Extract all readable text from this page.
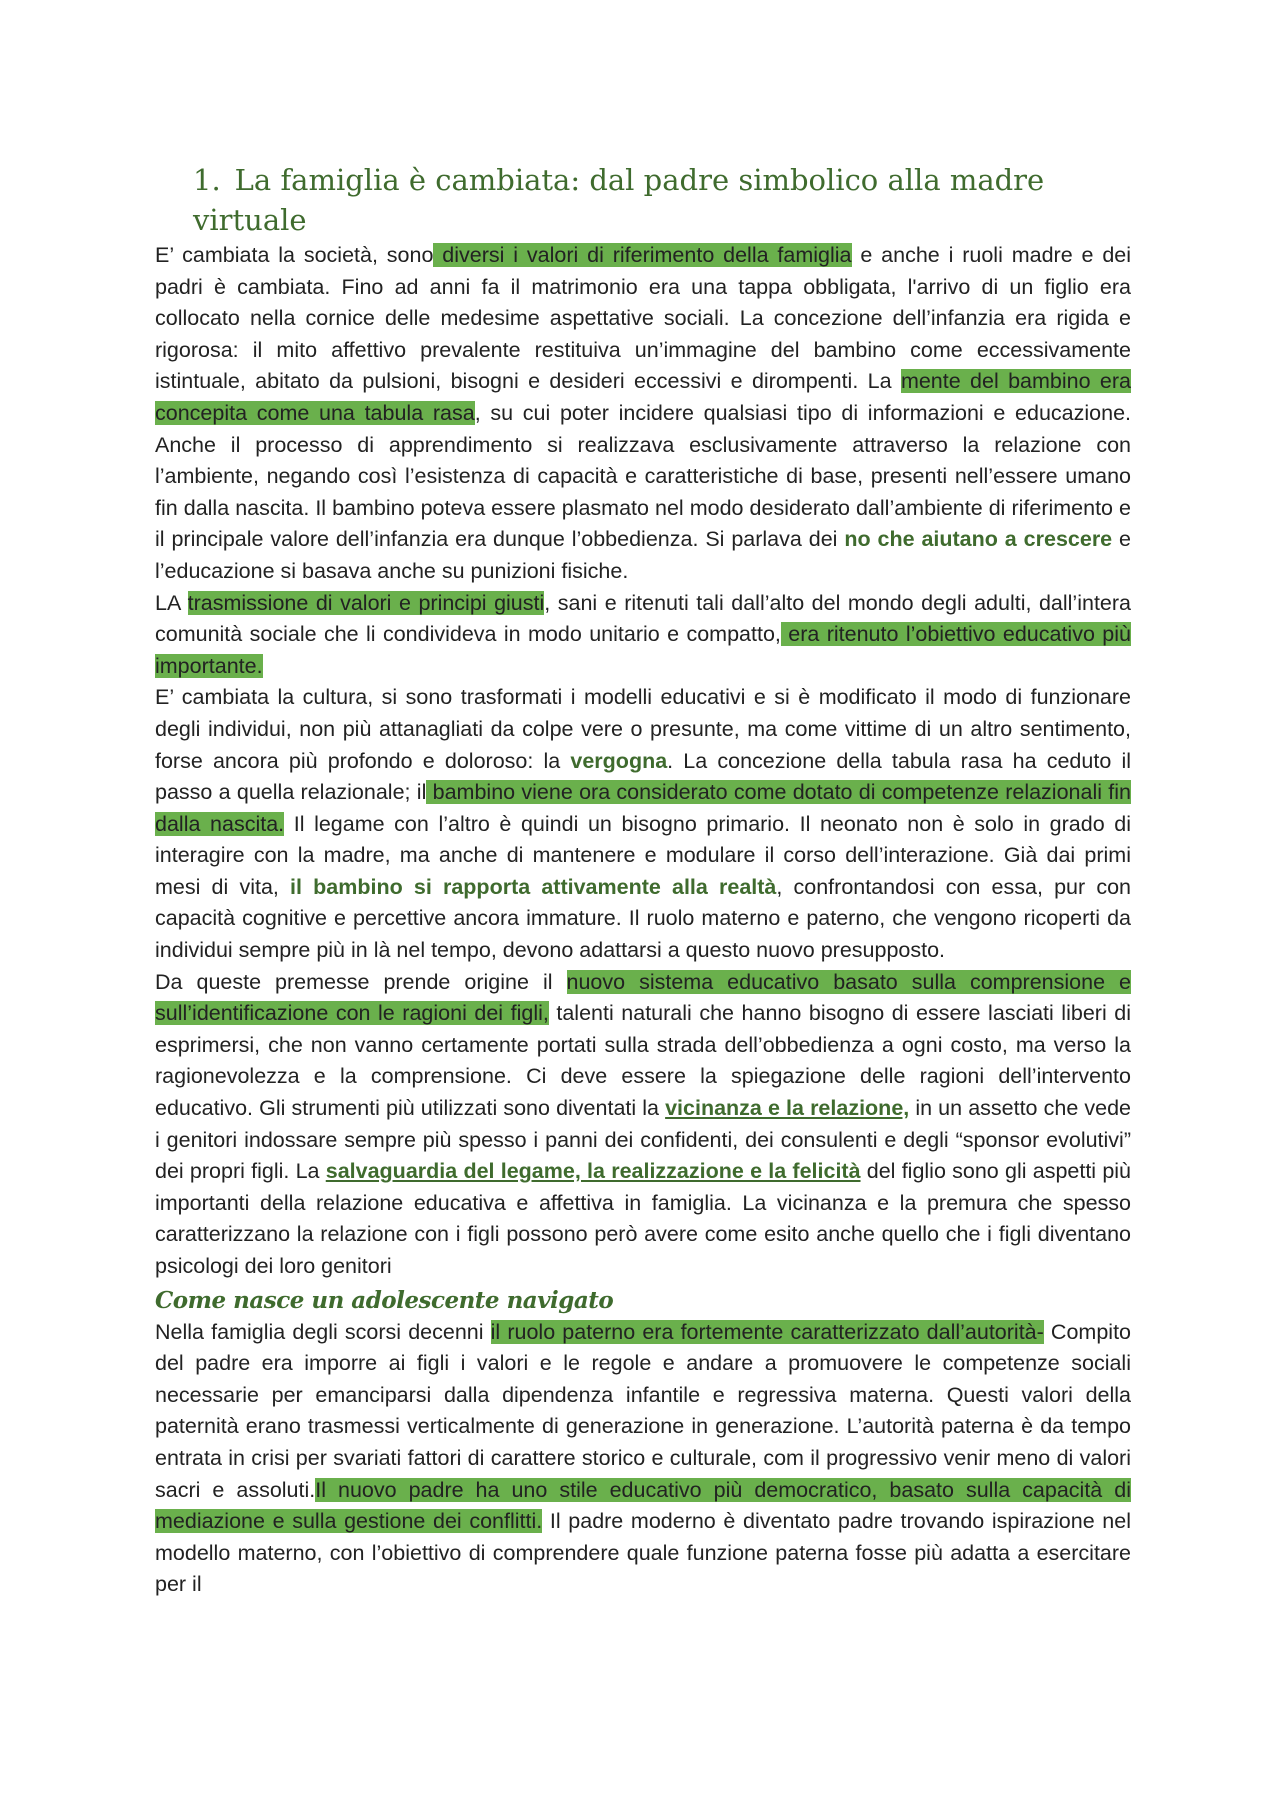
1. La famiglia è cambiata: dal padre simbolico alla madre virtuale

E’ cambiata la società, sono diversi i valori di riferimento della famiglia e anche i ruoli madre e dei padri è cambiata. Fino ad anni fa il matrimonio era una tappa obbligata, l'arrivo di un figlio era collocato nella cornice delle medesime aspettative sociali. La concezione dell’infanzia era rigida e rigorosa: il mito affettivo prevalente restituiva un’immagine del bambino come eccessivamente istintuale, abitato da pulsioni, bisogni e desideri eccessivi e dirompenti. La mente del bambino era concepita come una tabula rasa, su cui poter incidere qualsiasi tipo di informazioni e educazione. Anche il processo di apprendimento si realizzava esclusivamente attraverso la relazione con l’ambiente, negando così l’esistenza di capacità e caratteristiche di base, presenti nell’essere umano fin dalla nascita. Il bambino poteva essere plasmato nel modo desiderato dall’ambiente di riferimento e il principale valore dell’infanzia era dunque l’obbedienza. Si parlava dei no che aiutano a crescere e l’educazione si basava anche su punizioni fisiche.

LA trasmissione di valori e principi giusti, sani e ritenuti tali dall’alto del mondo degli adulti, dall’intera comunità sociale che li condivideva in modo unitario e compatto, era ritenuto l’obiettivo educativo più importante.

E’ cambiata la cultura, si sono trasformati i modelli educativi e si è modificato il modo di funzionare degli individui, non più attanagliati da colpe vere o presunte, ma come vittime di un altro sentimento, forse ancora più profondo e doloroso: la vergogna. La concezione della tabula rasa ha ceduto il passo a quella relazionale; il bambino viene ora considerato come dotato di competenze relazionali fin dalla nascita. Il legame con l’altro è quindi un bisogno primario. Il neonato non è solo in grado di interagire con la madre, ma anche di mantenere e modulare il corso dell’interazione. Già dai primi mesi di vita, il bambino si rapporta attivamente alla realtà, confrontandosi con essa, pur con capacità cognitive e percettive ancora immature. Il ruolo materno e paterno, che vengono ricoperti da individui sempre più in là nel tempo, devono adattarsi a questo nuovo presupposto.

Da queste premesse prende origine il nuovo sistema educativo basato sulla comprensione e sull’identificazione con le ragioni dei figli, talenti naturali che hanno bisogno di essere lasciati liberi di esprimersi, che non vanno certamente portati sulla strada dell’obbedienza a ogni costo, ma verso la ragionevolezza e la comprensione. Ci deve essere la spiegazione delle ragioni dell’intervento educativo. Gli strumenti più utilizzati sono diventati la vicinanza e la relazione, in un assetto che vede i genitori indossare sempre più spesso i panni dei confidenti, dei consulenti e degli “sponsor evolutivi” dei propri figli. La salvaguardia del legame, la realizzazione e la felicità del figlio sono gli aspetti più importanti della relazione educativa e affettiva in famiglia. La vicinanza e la premura che spesso caratterizzano la relazione con i figli possono però avere come esito anche quello che i figli diventano psicologi dei loro genitori

Come nasce un adolescente navigato

Nella famiglia degli scorsi decenni il ruolo paterno era fortemente caratterizzato dall’autorità- Compito del padre era imporre ai figli i valori e le regole e andare a promuovere le competenze sociali necessarie per emanciparsi dalla dipendenza infantile e regressiva materna. Questi valori della paternità erano trasmessi verticalmente di generazione in generazione. L’autorità paterna è da tempo entrata in crisi per svariati fattori di carattere storico e culturale, com il progressivo venir meno di valori sacri e assoluti.Il nuovo padre ha uno stile educativo più democratico, basato sulla capacità di mediazione e sulla gestione dei conflitti. Il padre moderno è diventato padre trovando ispirazione nel modello materno, con l’obiettivo di comprendere quale funzione paterna fosse più adatta a esercitare per il
